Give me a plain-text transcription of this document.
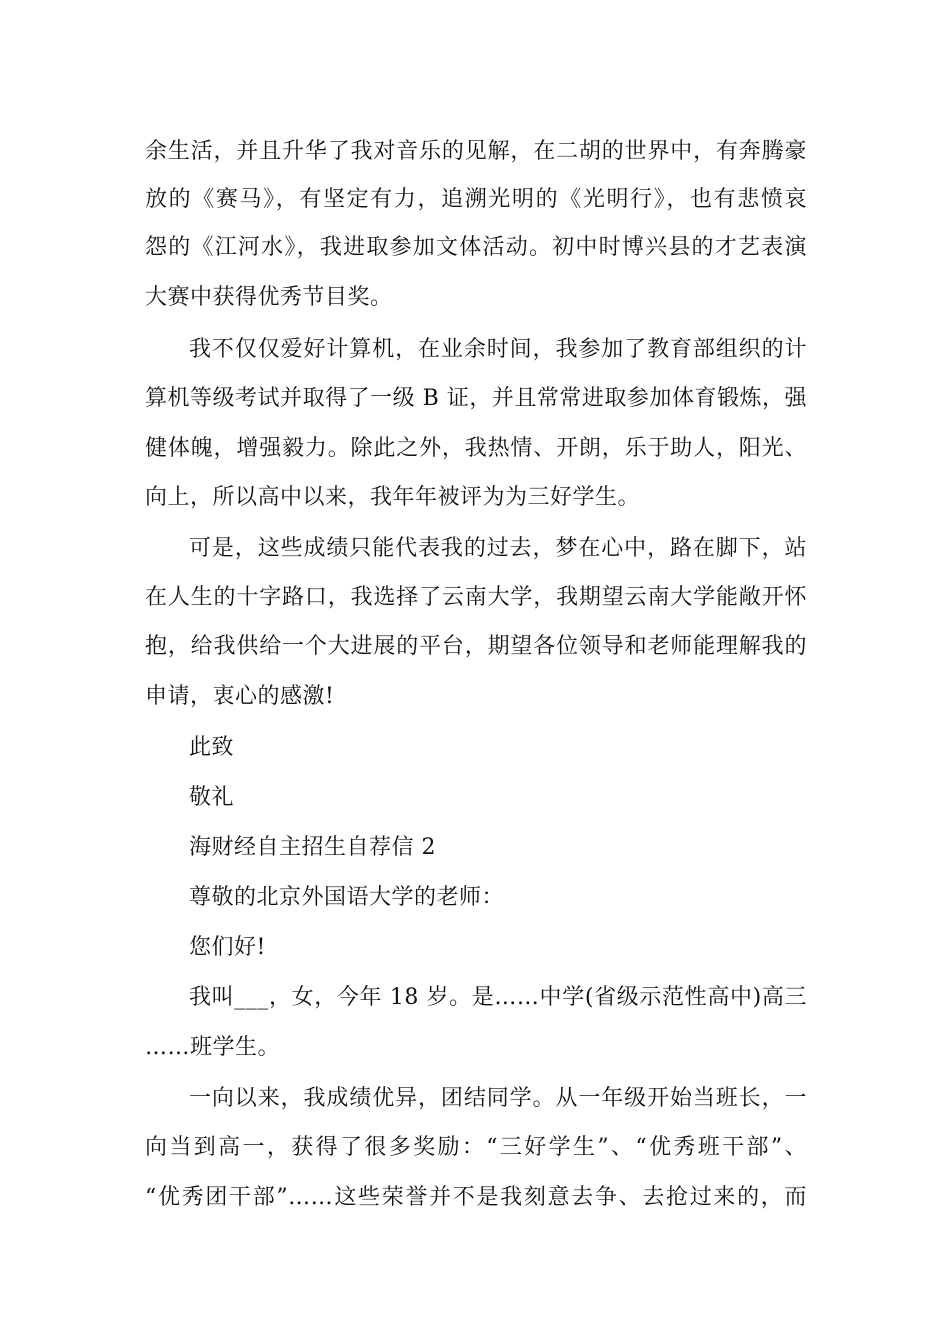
余生活，并且升华了我对音乐的见解，在二胡的世界中，有奔腾豪
放的《赛马》，有坚定有力，追溯光明的《光明行》，也有悲愤哀
怨的《江河水》，我进取参加文体活动。初中时博兴县的才艺表演
大赛中获得优秀节目奖。
我不仅仅爱好计算机，在业余时间，我参加了教育部组织的计
算机等级考试并取得了一级 B 证，并且常常进取参加体育锻炼，强
健体魄，增强毅力。除此之外，我热情、开朗，乐于助人，阳光、
向上，所以高中以来，我年年被评为为三好学生。
可是，这些成绩只能代表我的过去，梦在心中，路在脚下，站
在人生的十字路口，我选择了云南大学，我期望云南大学能敞开怀
抱，给我供给一个大进展的平台，期望各位领导和老师能理解我的
申请，衷心的感激!
此致
敬礼
海财经自主招生自荐信 2
尊敬的北京外国语大学的老师：
您们好!
我叫___，女，今年 18 岁。是……中学(省级示范性高中)高三
……班学生。
一向以来，我成绩优异，团结同学。从一年级开始当班长，一
向当到高一，获得了很多奖励：“三好学生”、“优秀班干部”、
“优秀团干部”……这些荣誉并不是我刻意去争、去抢过来的，而
